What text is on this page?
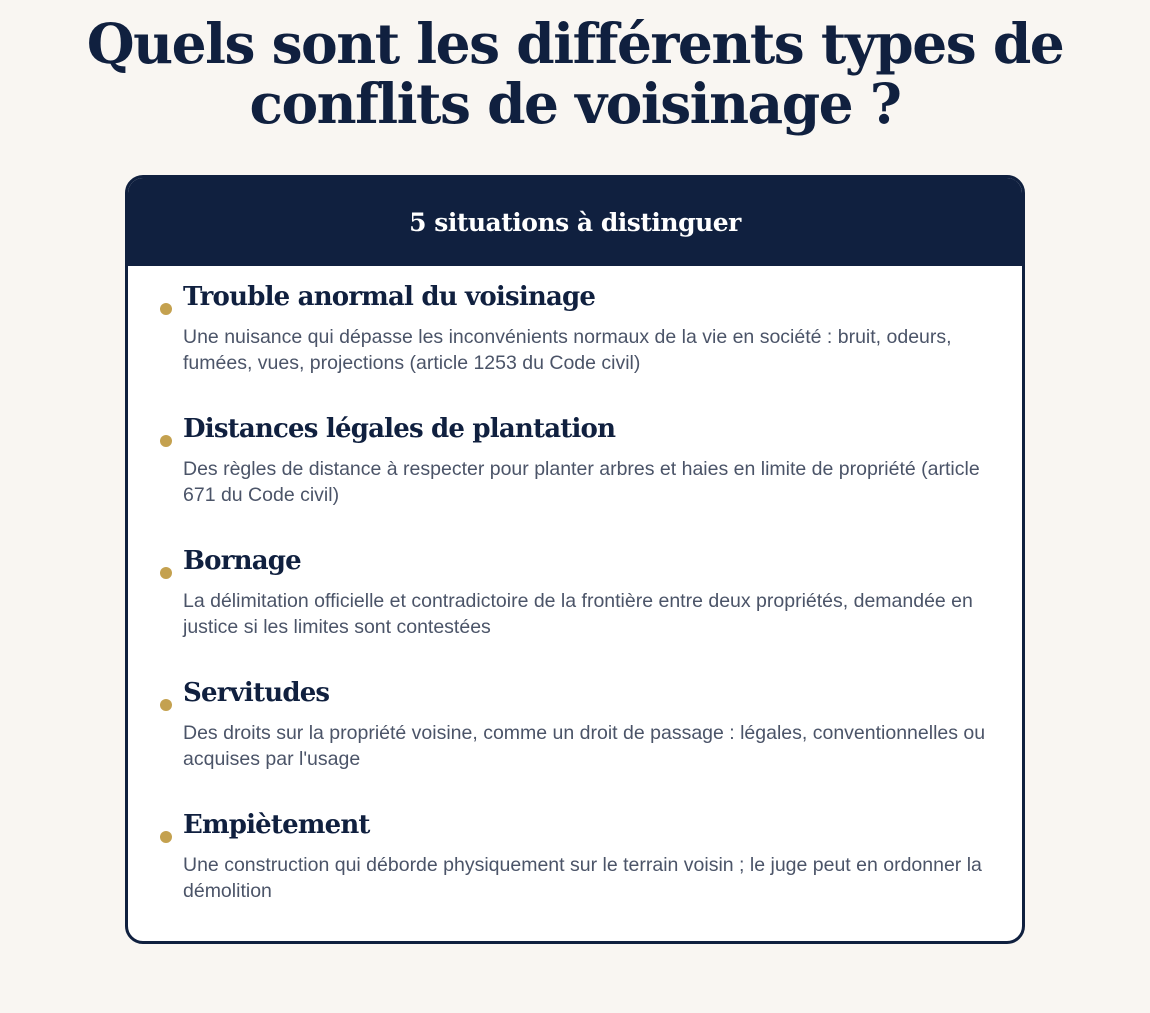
Quels sont les différents types de conflits de voisinage ?
5 situations à distinguer
Trouble anormal du voisinage
Une nuisance qui dépasse les inconvénients normaux de la vie en société : bruit, odeurs, fumées, vues, projections (article 1253 du Code civil)
Distances légales de plantation
Des règles de distance à respecter pour planter arbres et haies en limite de propriété (article 671 du Code civil)
Bornage
La délimitation officielle et contradictoire de la frontière entre deux propriétés, demandée en justice si les limites sont contestées
Servitudes
Des droits sur la propriété voisine, comme un droit de passage : légales, conventionnelles ou acquises par l'usage
Empiètement
Une construction qui déborde physiquement sur le terrain voisin ; le juge peut en ordonner la démolition
